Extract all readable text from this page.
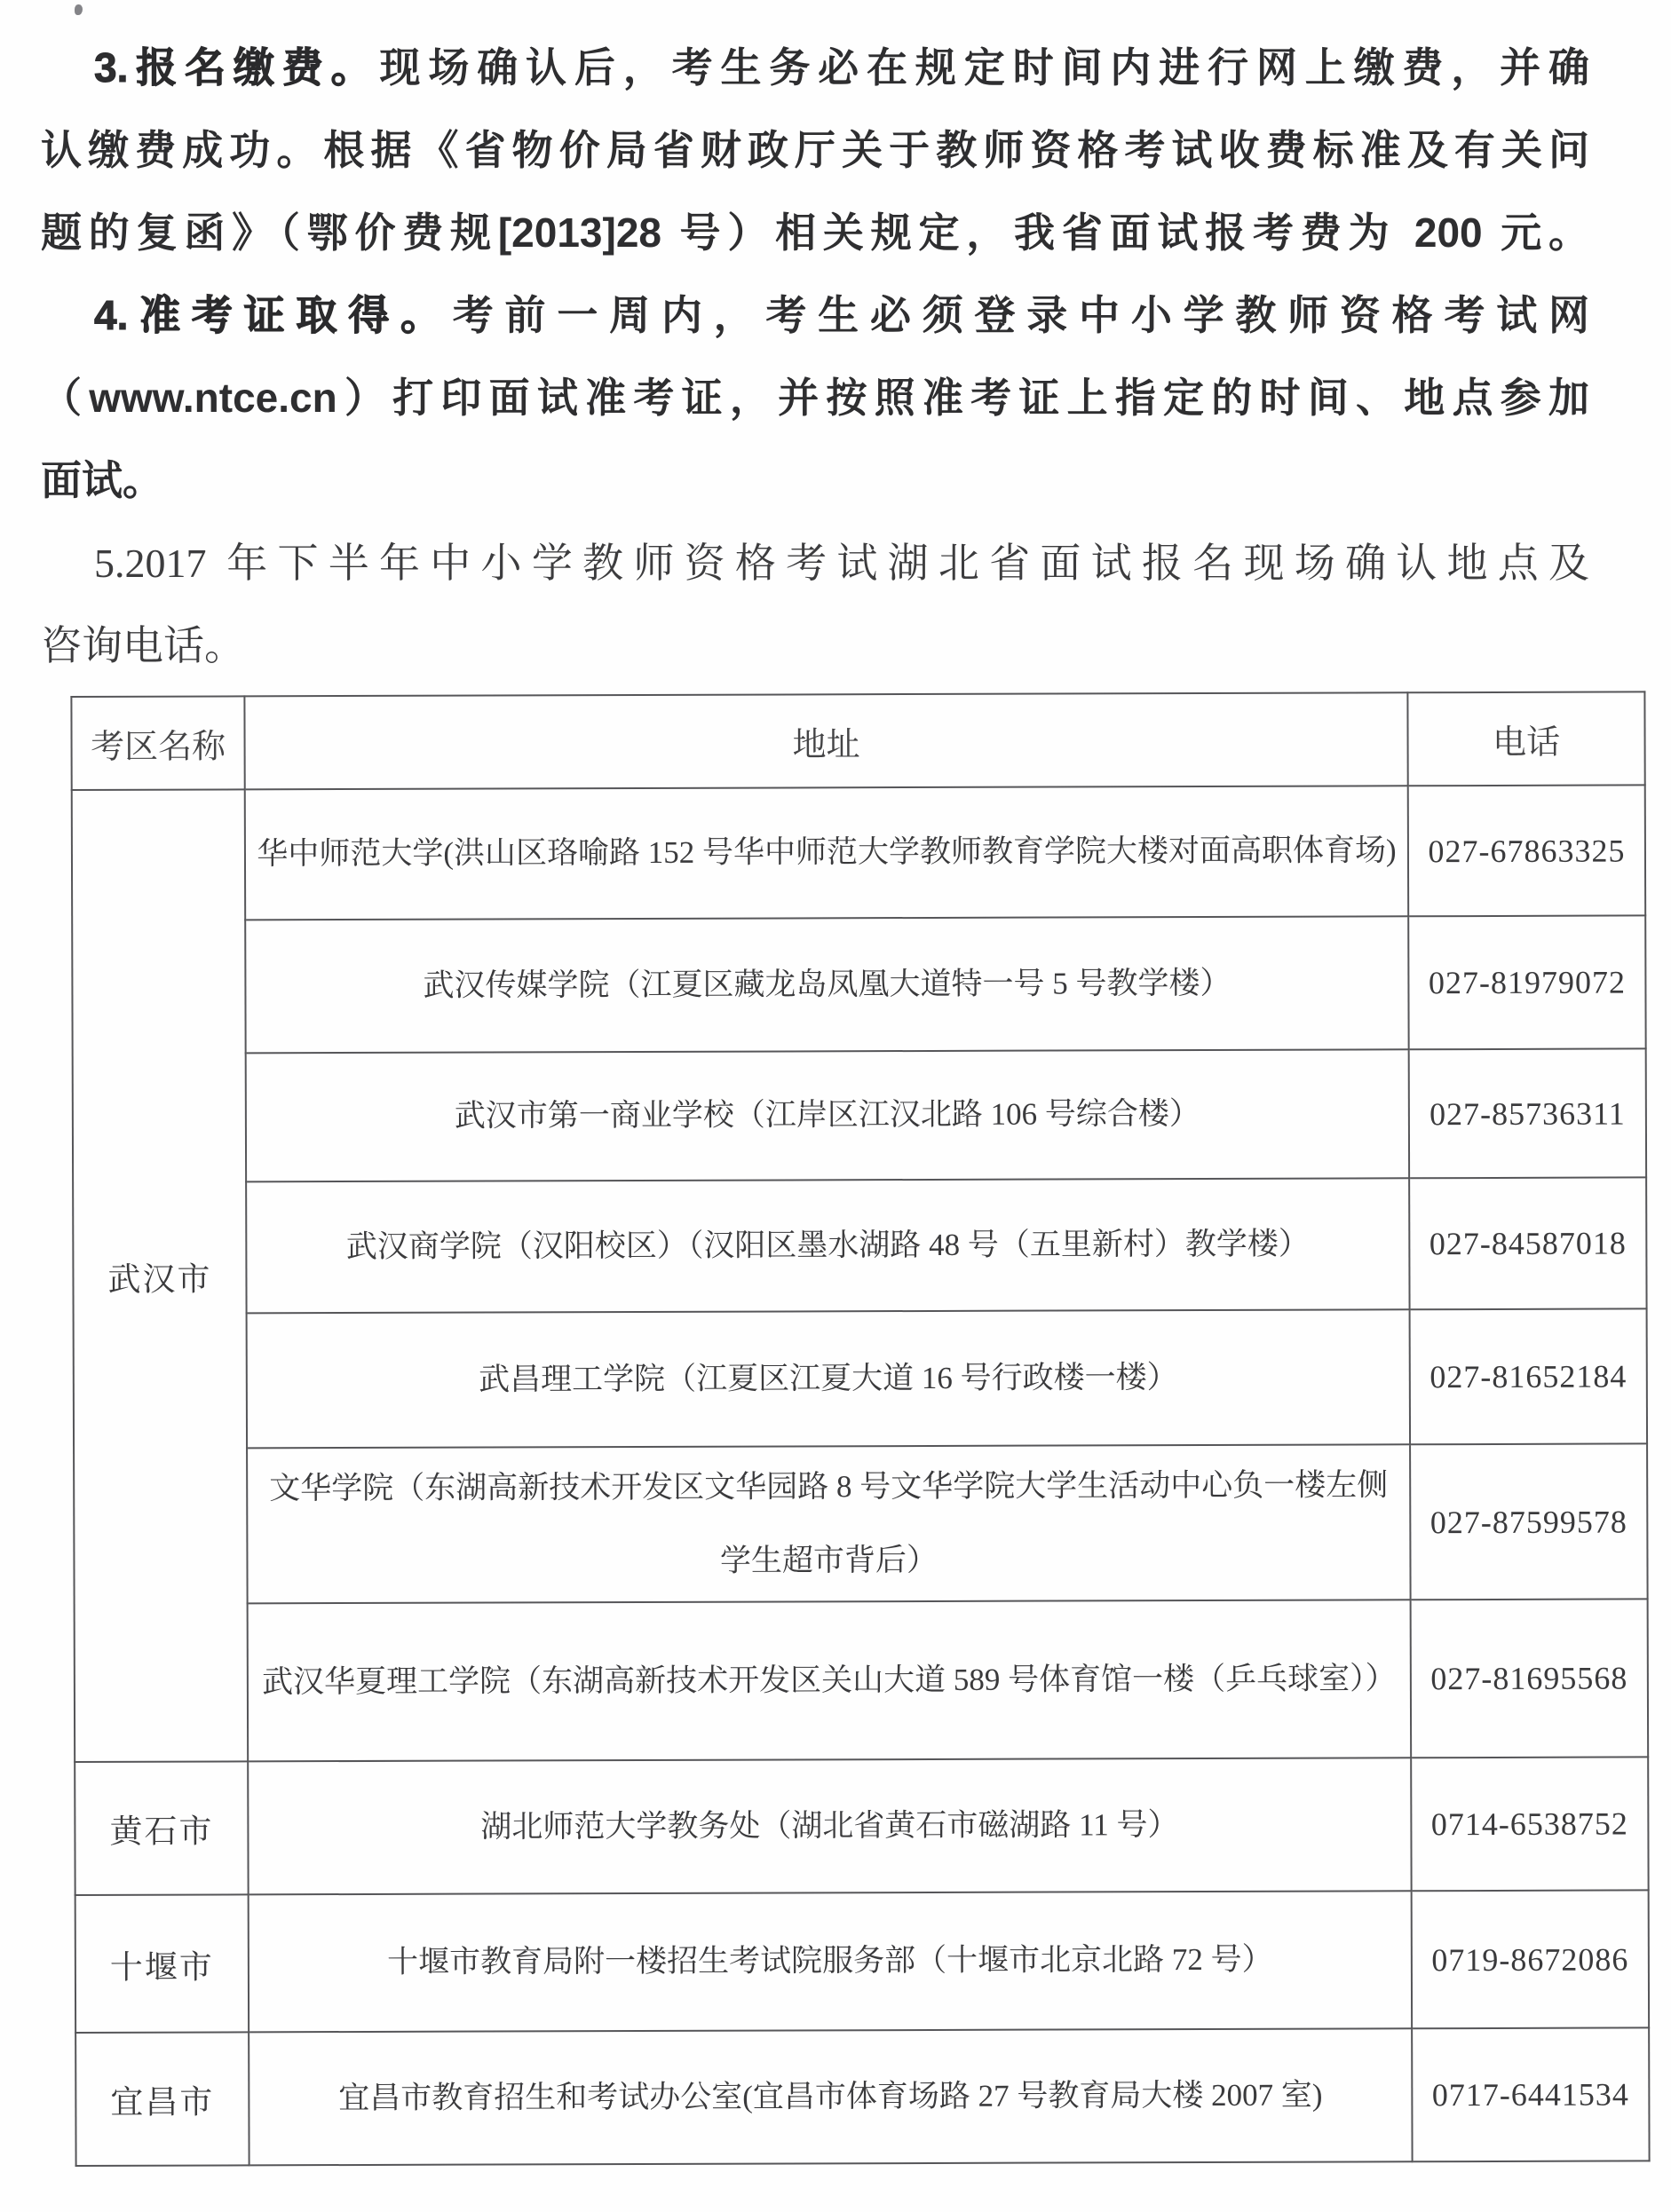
3.报名缴费。现场确认后，考生务必在规定时间内进行网上缴费，并确
认缴费成功。根据《省物价局省财政厅关于教师资格考试收费标准及有关问
题的复函》（鄂价费规[2013]28 号）相关规定，我省面试报考费为 200 元。
4.准考证取得。考前一周内，考生必须登录中小学教师资格考试网
（www.ntce.cn）打印面试准考证，并按照准考证上指定的时间、地点参加
面试。
5.2017 年下半年中小学教师资格考试湖北省面试报名现场确认地点及
咨询电话。
考区名称	地址	电话
武汉市	华中师范大学(洪山区珞喻路 152 号华中师范大学教师教育学院大楼对面高职体育场)	027-67863325
	武汉传媒学院（江夏区藏龙岛凤凰大道特一号 5 号教学楼）	027-81979072
	武汉市第一商业学校（江岸区江汉北路 106 号综合楼）	027-85736311
	武汉商学院（汉阳校区）（汉阳区墨水湖路 48 号（五里新村）教学楼）	027-84587018
	武昌理工学院（江夏区江夏大道 16 号行政楼一楼）	027-81652184
	文华学院（东湖高新技术开发区文华园路 8 号文华学院大学生活动中心负一楼左侧学生超市背后）	027-87599578
	武汉华夏理工学院（东湖高新技术开发区关山大道 589 号体育馆一楼（乒乓球室））	027-81695568
黄石市	湖北师范大学教务处（湖北省黄石市磁湖路 11 号）	0714-6538752
十堰市	十堰市教育局附一楼招生考试院服务部（十堰市北京北路 72 号）	0719-8672086
宜昌市	宜昌市教育招生和考试办公室(宜昌市体育场路 27 号教育局大楼 2007 室)	0717-6441534
